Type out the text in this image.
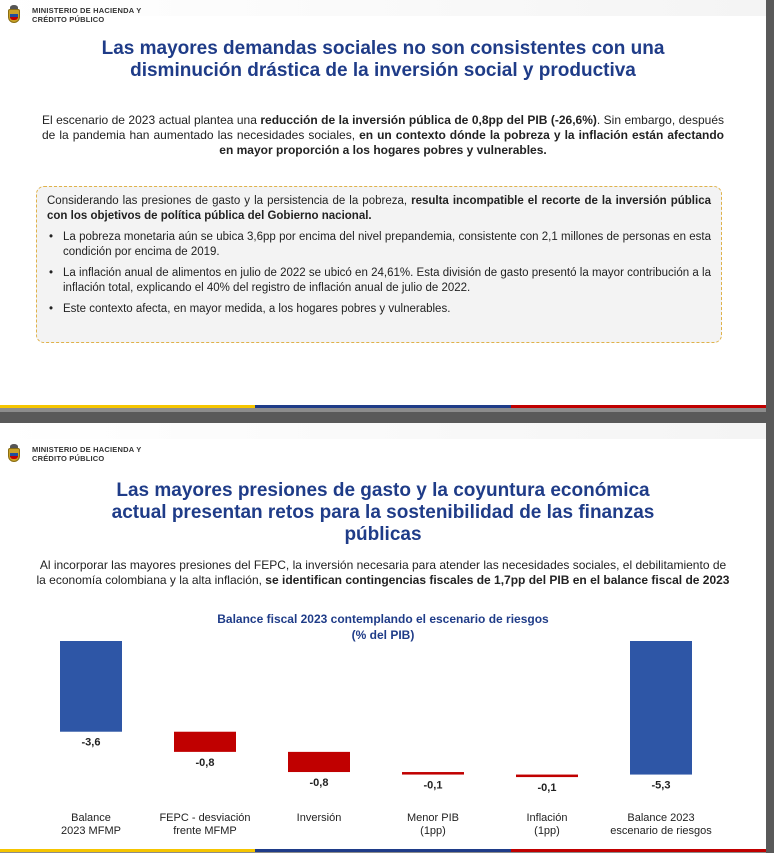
MINISTERIO DE HACIENDA Y
CRÉDITO PÚBLICO
Las mayores demandas sociales no son consistentes con una
disminución drástica de la inversión social y productiva
El escenario de 2023 actual plantea una reducción de la inversión pública de 0,8pp del PIB (-26,6%). Sin embargo, después de la pandemia han aumentado las necesidades sociales, en un contexto dónde la pobreza y la inflación están afectando en mayor proporción a los hogares pobres y vulnerables.
Considerando las presiones de gasto y la persistencia de la pobreza, resulta incompatible el recorte de la inversión pública con los objetivos de política pública del Gobierno nacional.
• La pobreza monetaria aún se ubica 3,6pp por encima del nivel prepandemia, consistente con 2,1 millones de personas en esta condición por encima de 2019.
• La inflación anual de alimentos en julio de 2022 se ubicó en 24,61%. Esta división de gasto presentó la mayor contribución a la inflación total, explicando el 40% del registro de inflación anual de julio de 2022.
• Este contexto afecta, en mayor medida, a los hogares pobres y vulnerables.
MINISTERIO DE HACIENDA Y
CRÉDITO PÚBLICO
Las mayores presiones de gasto y la coyuntura económica
actual presentan retos para la sostenibilidad de las finanzas
públicas
Al incorporar las mayores presiones del FEPC, la inversión necesaria para atender las necesidades sociales, el debilitamiento de la economía colombiana y la alta inflación, se identifican contingencias fiscales de 1,7pp del PIB en el balance fiscal de 2023
Balance fiscal 2023 contemplando el escenario de riesgos
(% del PIB)
-3,6
-0,8
-0,8	-0,1	-0,1	-5,3
Balance
2023 MFMP
FEPC - desviación
frente MFMP
Inversión	Menor PIB
(1pp)
Inflación
(1pp)
Balance 2023
escenario de riesgos
